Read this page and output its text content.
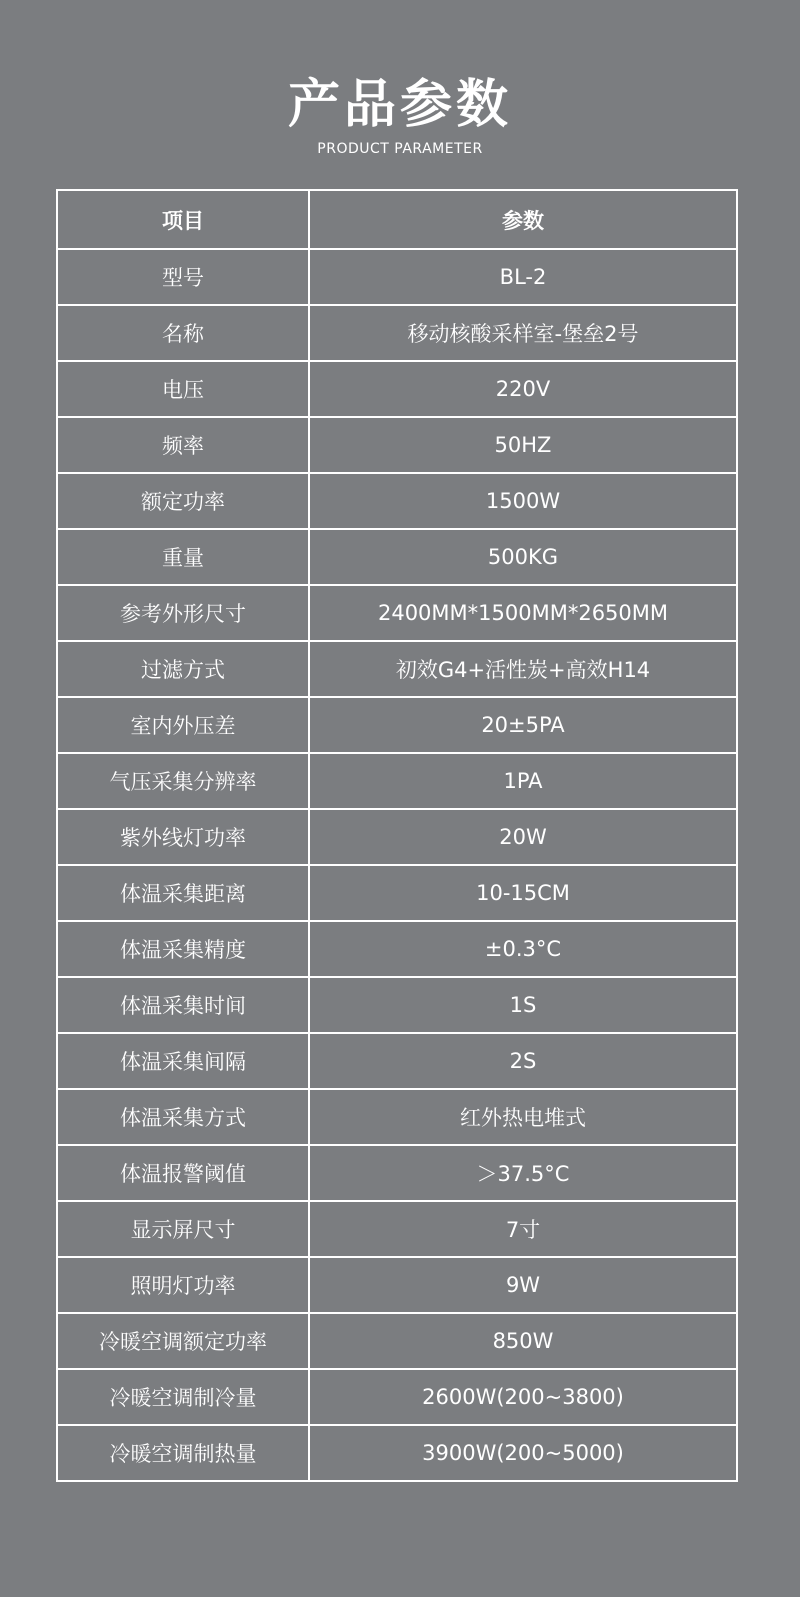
产品参数
PRODUCT PARAMETER
项目	参数
型号	BL-2
名称	移动核酸采样室-堡垒2号
电压	220V
频率	50HZ
额定功率	1500W
重量	500KG
参考外形尺寸	2400MM*1500MM*2650MM
过滤方式	初效G4+活性炭+高效H14
室内外压差	20±5PA
气压采集分辨率	1PA
紫外线灯功率	20W
体温采集距离	10-15CM
体温采集精度	±0.3°C
体温采集时间	1S
体温采集间隔	2S
体温采集方式	红外热电堆式
体温报警阈值	＞37.5°C
显示屏尺寸	7寸
照明灯功率	9W
冷暖空调额定功率	850W
冷暖空调制冷量	2600W(200~3800)
冷暖空调制热量	3900W(200~5000)
